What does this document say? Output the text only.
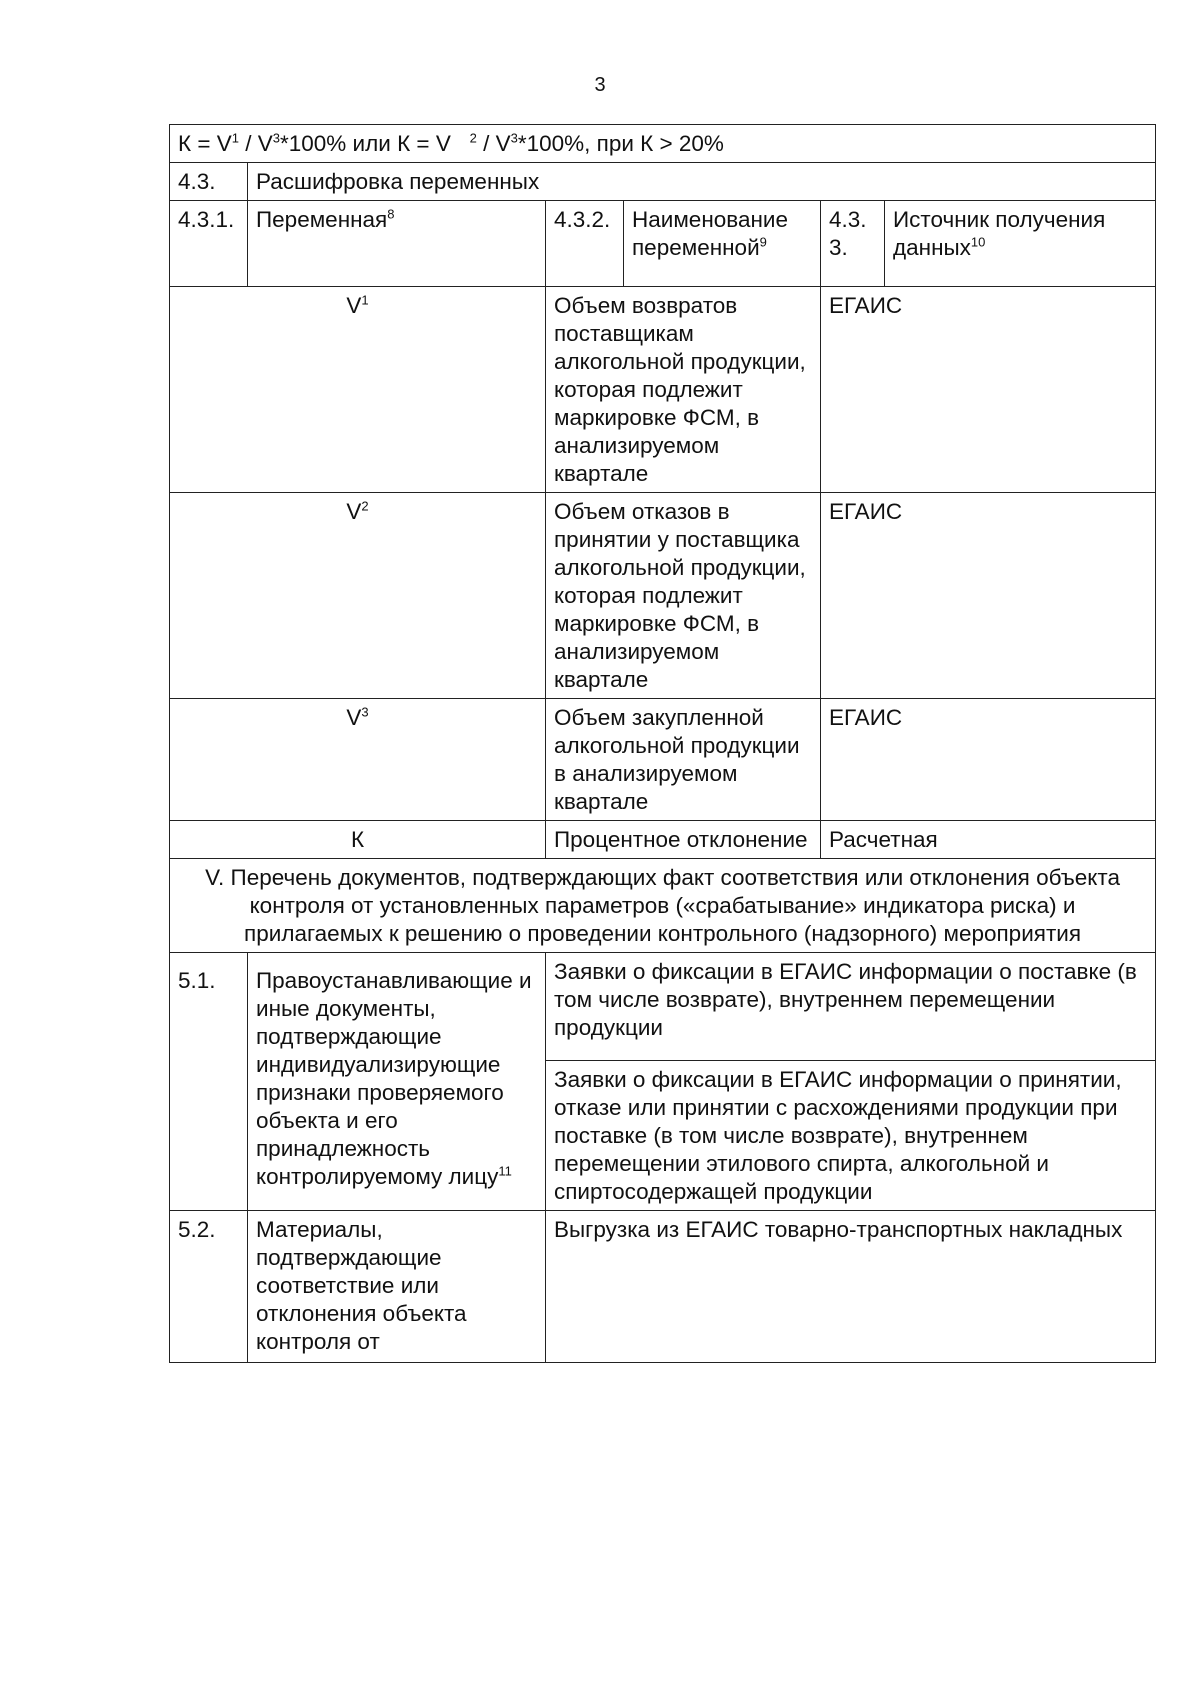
3
$К = V^1 / V^3*100\%$ или К = V $^2 / V^3*100\%$, при К > 20%					
4.3.	Расшифровка переменных				
4.3.1.	Переменная$^8$	4.3.2.	Наименование переменной$^9$	4.3.3.	Источник получения данных$^{10}$
$V^1$		Объем возвратов поставщикам алкогольной продукции, которая подлежит маркировке ФСМ, в анализируемом квартале		ЕГАИС	
$V^2$		Объем отказов в принятии у поставщика алкогольной продукции, которая подлежит маркировке ФСМ, в анализируемом квартале		ЕГАИС	
$V^3$		Объем закупленной алкогольной продукции в анализируемом квартале		ЕГАИС	
К		Процентное отклонение		Расчетная	
V. Перечень документов, подтверждающих факт соответствия или отклонения объекта контроля от установленных параметров («срабатывание» индикатора риска) и прилагаемых к решению о проведении контрольного (надзорного) мероприятия					
5.1.	Правоустанавливающие и иные документы, подтверждающие индивидуализирующие признаки проверяемого объекта и его принадлежность контролируемому лицу$^{11}$	Заявки о фиксации в ЕГАИС информации о поставке (в том числе возврате), внутреннем перемещении продукции			
		Заявки о фиксации в ЕГАИС информации о принятии, отказе или принятии с расхождениями продукции при поставке (в том числе возврате), внутреннем перемещении этилового спирта, алкогольной и спиртосодержащей продукции			
5.2.	Материалы, подтверждающие соответствие или отклонения объекта контроля от	Выгрузка из ЕГАИС товарно-транспортных накладных			
